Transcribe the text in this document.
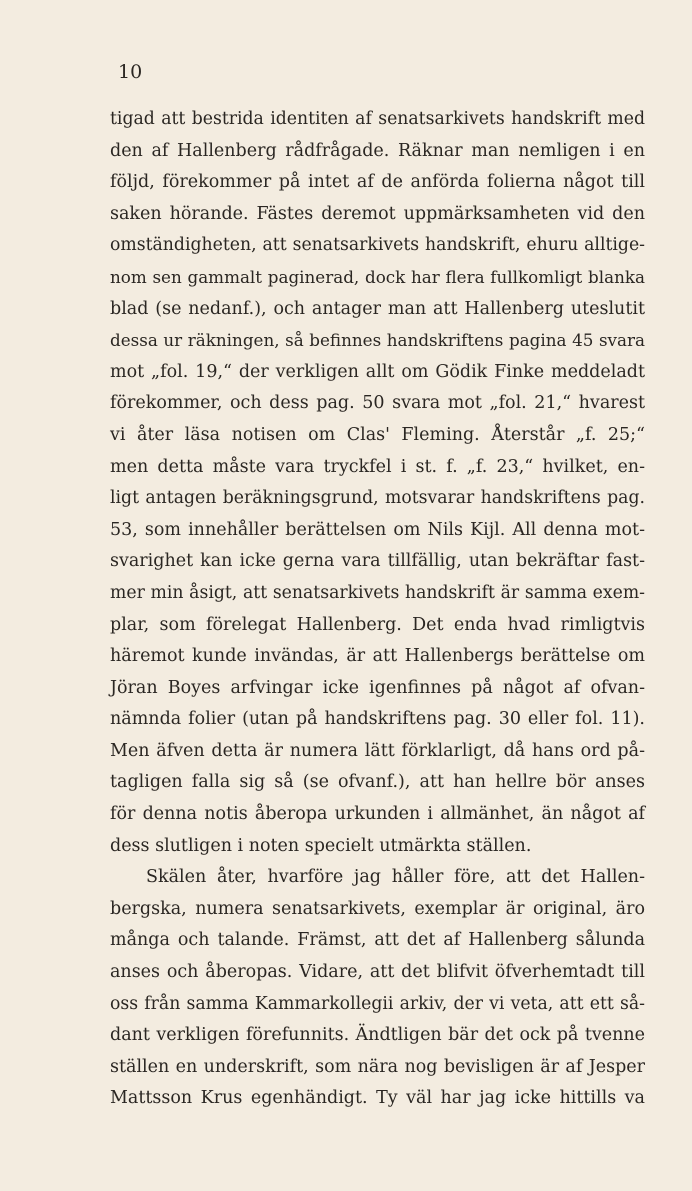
10
tigad att bestrida identiten af senatsarkivets handskrift med
den af Hallenberg rådfrågade. Räknar man nemligen i en
följd, förekommer på intet af de anförda folierna något till
saken hörande. Fästes deremot uppmärksamheten vid den
omständigheten, att senatsarkivets handskrift, ehuru alltige-
nom sen gammalt paginerad, dock har flera fullkomligt blanka
blad (se nedanf.), och antager man att Hallenberg uteslutit
dessa ur räkningen, så befinnes handskriftens pagina 45 svara
mot „fol. 19,“ der verkligen allt om Gödik Finke meddeladt
förekommer, och dess pag. 50 svara mot „fol. 21,“ hvarest
vi åter läsa notisen om Clas' Fleming. Återstår „f. 25;“
men detta måste vara tryckfel i st. f. „f. 23,“ hvilket, en-
ligt antagen beräkningsgrund, motsvarar handskriftens pag.
53, som innehåller berättelsen om Nils Kijl. All denna mot-
svarighet kan icke gerna vara tillfällig, utan bekräftar fast-
mer min åsigt, att senatsarkivets handskrift är samma exem-
plar, som förelegat Hallenberg. Det enda hvad rimligtvis
häremot kunde invändas, är att Hallenbergs berättelse om
Jöran Boyes arfvingar icke igenfinnes på något af ofvan-
nämnda folier (utan på handskriftens pag. 30 eller fol. 11).
Men äfven detta är numera lätt förklarligt, då hans ord på-
tagligen falla sig så (se ofvanf.), att han hellre bör anses
för denna notis åberopa urkunden i allmänhet, än något af
dess slutligen i noten specielt utmärkta ställen.
Skälen åter, hvarföre jag håller före, att det Hallen-
bergska, numera senatsarkivets, exemplar är original, äro
många och talande. Främst, att det af Hallenberg sålunda
anses och åberopas. Vidare, att det blifvit öfverhemtadt till
oss från samma Kammarkollegii arkiv, der vi veta, att ett så-
dant verkligen förefunnits. Ändtligen bär det ock på tvenne
ställen en underskrift, som nära nog bevisligen är af Jesper
Mattsson Krus egenhändigt. Ty väl har jag icke hittills va
